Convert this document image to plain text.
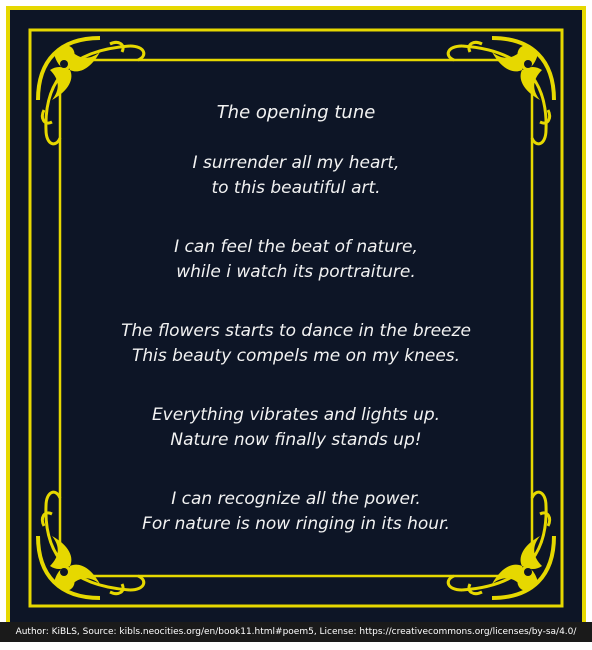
The opening tune
I surrender all my heart,
to this beautiful art.
I can feel the beat of nature,
while i watch its portraiture.
The flowers starts to dance in the breeze
This beauty compels me on my knees.
Everything vibrates and lights up.
Nature now finally stands up!
I can recognize all the power.
For nature is now ringing in its hour.
Author: KiBLS, Source: kibls.neocities.org/en/book11.html#poem5, License: https://creativecommons.org/licenses/by-sa/4.0/
